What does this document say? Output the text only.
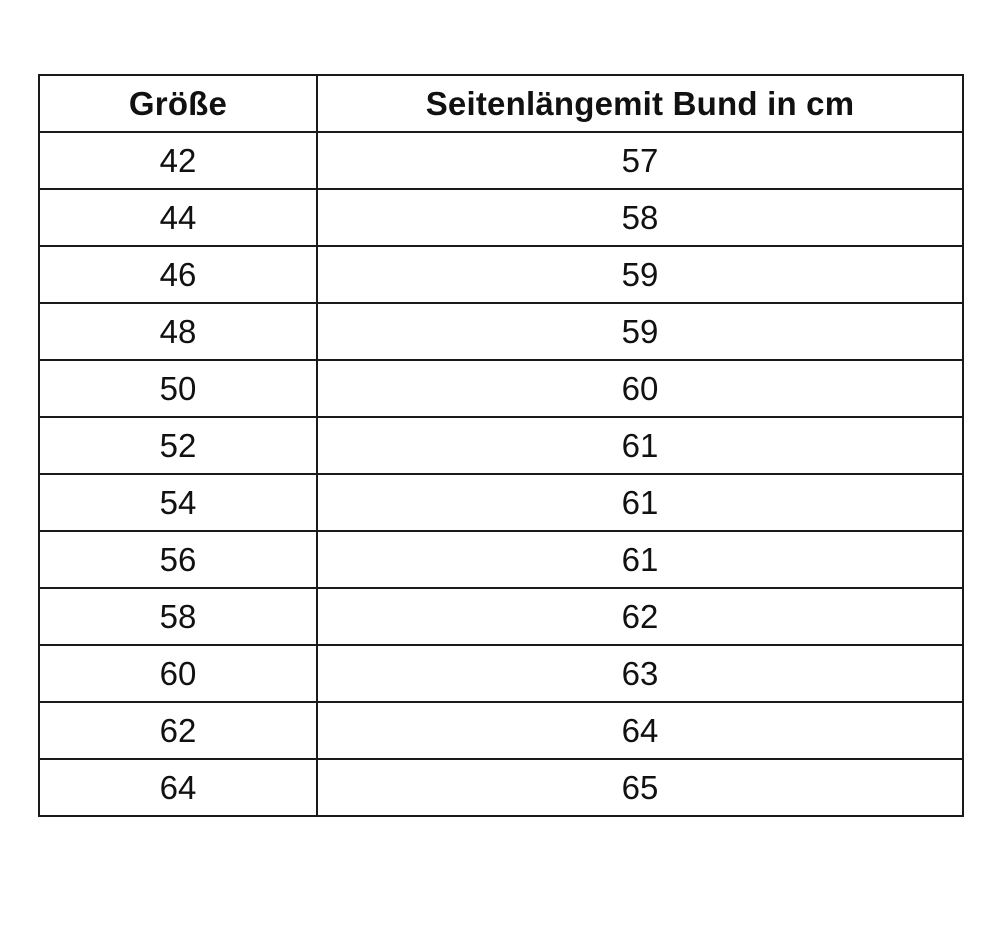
Größe	Seitenlängemit Bund in cm
42	57
44	58
46	59
48	59
50	60
52	61
54	61
56	61
58	62
60	63
62	64
64	65
